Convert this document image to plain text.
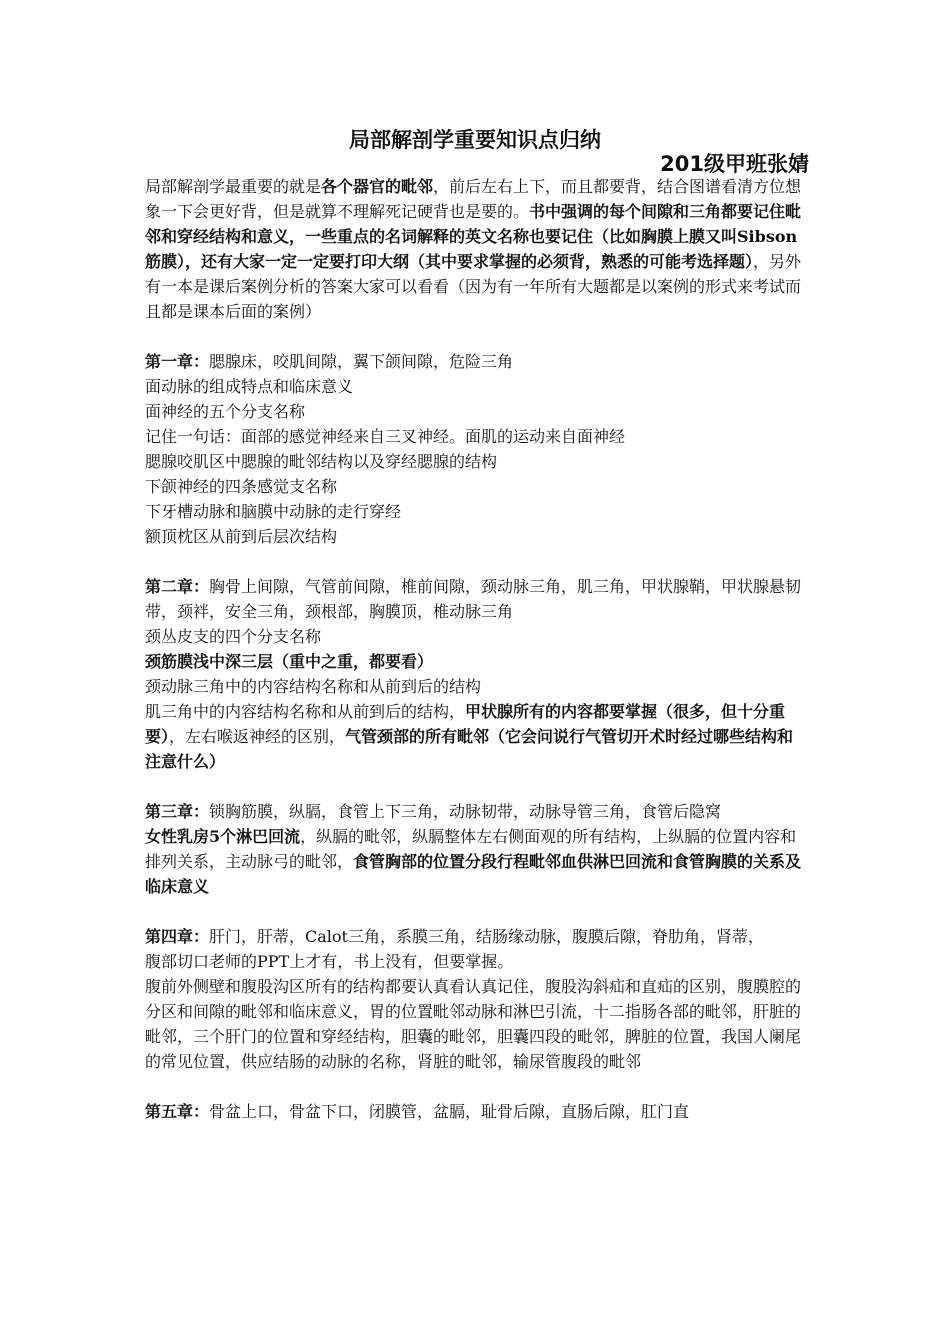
局部解剖学重要知识点归纳
201级甲班张婧

局部解剖学最重要的就是各个器官的毗邻，前后左右上下，而且都要背，结合图谱看清方位想象一下会更好背，但是就算不理解死记硬背也是要的。书中强调的每个间隙和三角都要记住毗邻和穿经结构和意义，一些重点的名词解释的英文名称也要记住（比如胸膜上膜又叫Sibson筋膜），还有大家一定一定要打印大纲（其中要求掌握的必须背，熟悉的可能考选择题），另外有一本是课后案例分析的答案大家可以看看（因为有一年所有大题都是以案例的形式来考试而且都是课本后面的案例）

第一章：腮腺床，咬肌间隙，翼下颌间隙，危险三角

面动脉的组成特点和临床意义

面神经的五个分支名称

记住一句话：面部的感觉神经来自三叉神经。面肌的运动来自面神经

腮腺咬肌区中腮腺的毗邻结构以及穿经腮腺的结构

下颌神经的四条感觉支名称

下牙槽动脉和脑膜中动脉的走行穿经

额顶枕区从前到后层次结构

第二章：胸骨上间隙，气管前间隙，椎前间隙，颈动脉三角，肌三角，甲状腺鞘，甲状腺悬韧带，颈袢，安全三角，颈根部，胸膜顶，椎动脉三角

颈丛皮支的四个分支名称

颈筋膜浅中深三层（重中之重，都要看）

颈动脉三角中的内容结构名称和从前到后的结构

肌三角中的内容结构名称和从前到后的结构，甲状腺所有的内容都要掌握（很多，但十分重要），左右喉返神经的区别，气管颈部的所有毗邻（它会问说行气管切开术时经过哪些结构和注意什么）

第三章：锁胸筋膜，纵膈，食管上下三角，动脉韧带，动脉导管三角，食管后隐窝

女性乳房5个淋巴回流，纵膈的毗邻，纵膈整体左右侧面观的所有结构，上纵膈的位置内容和排列关系，主动脉弓的毗邻，食管胸部的位置分段行程毗邻血供淋巴回流和食管胸膜的关系及临床意义

第四章：肝门，肝蒂，Calot三角，系膜三角，结肠缘动脉，腹膜后隙，脊肋角，肾蒂，

腹部切口老师的PPT上才有，书上没有，但要掌握。

腹前外侧壁和腹股沟区所有的结构都要认真看认真记住，腹股沟斜疝和直疝的区别，腹膜腔的分区和间隙的毗邻和临床意义，胃的位置毗邻动脉和淋巴引流，十二指肠各部的毗邻，肝脏的毗邻，三个肝门的位置和穿经结构，胆囊的毗邻，胆囊四段的毗邻，脾脏的位置，我国人阑尾的常见位置，供应结肠的动脉的名称，肾脏的毗邻，输尿管腹段的毗邻

第五章：骨盆上口，骨盆下口，闭膜管，盆膈，耻骨后隙，直肠后隙，肛门直
